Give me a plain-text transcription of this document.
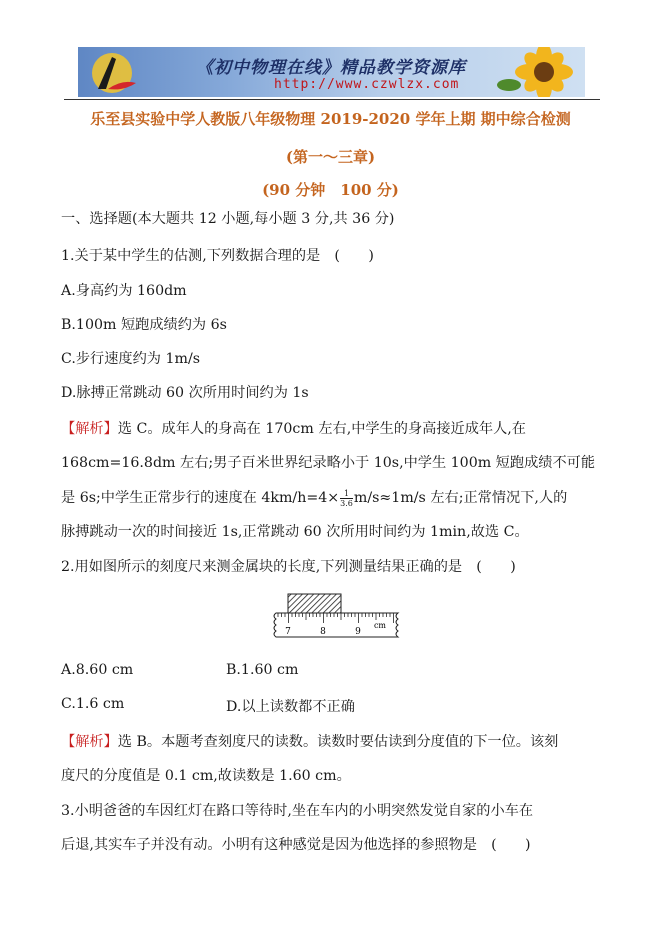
《初中物理在线》精品教学资源库
http://www.czwlzx.com
乐至县实验中学人教版八年级物理 2019-2020 学年上期 期中综合检测
(第一～三章)
(90 分钟　100 分)
一、选择题(本大题共 12 小题,每小题 3 分,共 36 分)
1.关于某中学生的估测,下列数据合理的是　(　　)
A.身高约为 160dm
B.100m 短跑成绩约为 6s
C.步行速度约为 1m/s
D.脉搏正常跳动 60 次所用时间约为 1s
【解析】选 C。成年人的身高在 170cm 左右,中学生的身高接近成年人,在
168cm=16.8dm 左右;男子百米世界纪录略小于 10s,中学生 100m 短跑成绩不可能
是 6s;中学生正常步行的速度在 $4km/h=4\times \frac{1}{3.6} m/s\approx 1m/s$ 左右;正常情况下,人的
脉搏跳动一次的时间接近 1s,正常跳动 60 次所用时间约为 1min,故选 C。
2.用如图所示的刻度尺来测金属块的长度,下列测量结果正确的是　(　　)
7	8	9
cm
A.8.60 cm	B.1.60 cm
C.1.6 cm	D.以上读数都不正确
【解析】选 B。本题考查刻度尺的读数。读数时要估读到分度值的下一位。该刻
度尺的分度值是 0.1 cm,故读数是 1.60 cm。
3.小明爸爸的车因红灯在路口等待时,坐在车内的小明突然发觉自家的小车在
后退,其实车子并没有动。小明有这种感觉是因为他选择的参照物是　(　　)
